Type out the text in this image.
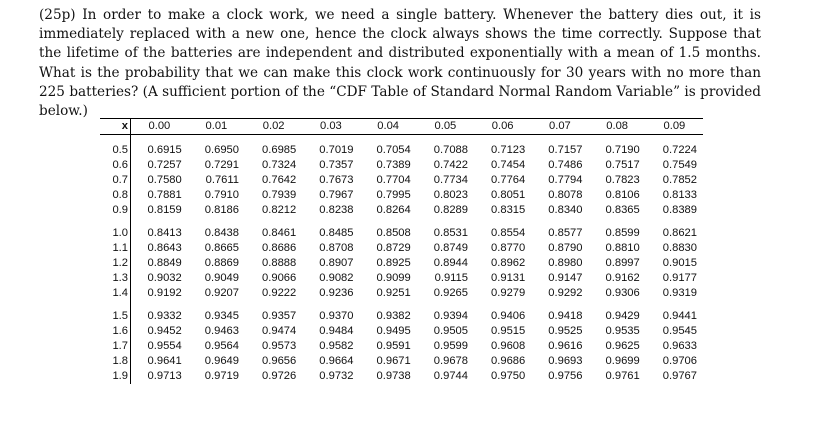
(25p) In order to make a clock work, we need a single battery. Whenever the battery dies out, it is immediately replaced with a new one, hence the clock always shows the time correctly. Suppose that the lifetime of the batteries are independent and distributed exponentially with a mean of 1.5 months. What is the probability that we can make this clock work continuously for 30 years with no more than 225 batteries? (A sufficient portion of the “CDF Table of Standard Normal Random Variable” is provided below.)

x	0.00	0.01	0.02	0.03	0.04	0.05	0.06	0.07	0.08	0.09

0.5	0.6915	0.6950	0.6985	0.7019	0.7054	0.7088	0.7123	0.7157	0.7190	0.7224
0.6	0.7257	0.7291	0.7324	0.7357	0.7389	0.7422	0.7454	0.7486	0.7517	0.7549
0.7	0.7580	0.7611	0.7642	0.7673	0.7704	0.7734	0.7764	0.7794	0.7823	0.7852
0.8	0.7881	0.7910	0.7939	0.7967	0.7995	0.8023	0.8051	0.8078	0.8106	0.8133
0.9	0.8159	0.8186	0.8212	0.8238	0.8264	0.8289	0.8315	0.8340	0.8365	0.8389

1.0	0.8413	0.8438	0.8461	0.8485	0.8508	0.8531	0.8554	0.8577	0.8599	0.8621
1.1	0.8643	0.8665	0.8686	0.8708	0.8729	0.8749	0.8770	0.8790	0.8810	0.8830
1.2	0.8849	0.8869	0.8888	0.8907	0.8925	0.8944	0.8962	0.8980	0.8997	0.9015
1.3	0.9032	0.9049	0.9066	0.9082	0.9099	0.9115	0.9131	0.9147	0.9162	0.9177
1.4	0.9192	0.9207	0.9222	0.9236	0.9251	0.9265	0.9279	0.9292	0.9306	0.9319

1.5	0.9332	0.9345	0.9357	0.9370	0.9382	0.9394	0.9406	0.9418	0.9429	0.9441
1.6	0.9452	0.9463	0.9474	0.9484	0.9495	0.9505	0.9515	0.9525	0.9535	0.9545
1.7	0.9554	0.9564	0.9573	0.9582	0.9591	0.9599	0.9608	0.9616	0.9625	0.9633
1.8	0.9641	0.9649	0.9656	0.9664	0.9671	0.9678	0.9686	0.9693	0.9699	0.9706
1.9	0.9713	0.9719	0.9726	0.9732	0.9738	0.9744	0.9750	0.9756	0.9761	0.9767
